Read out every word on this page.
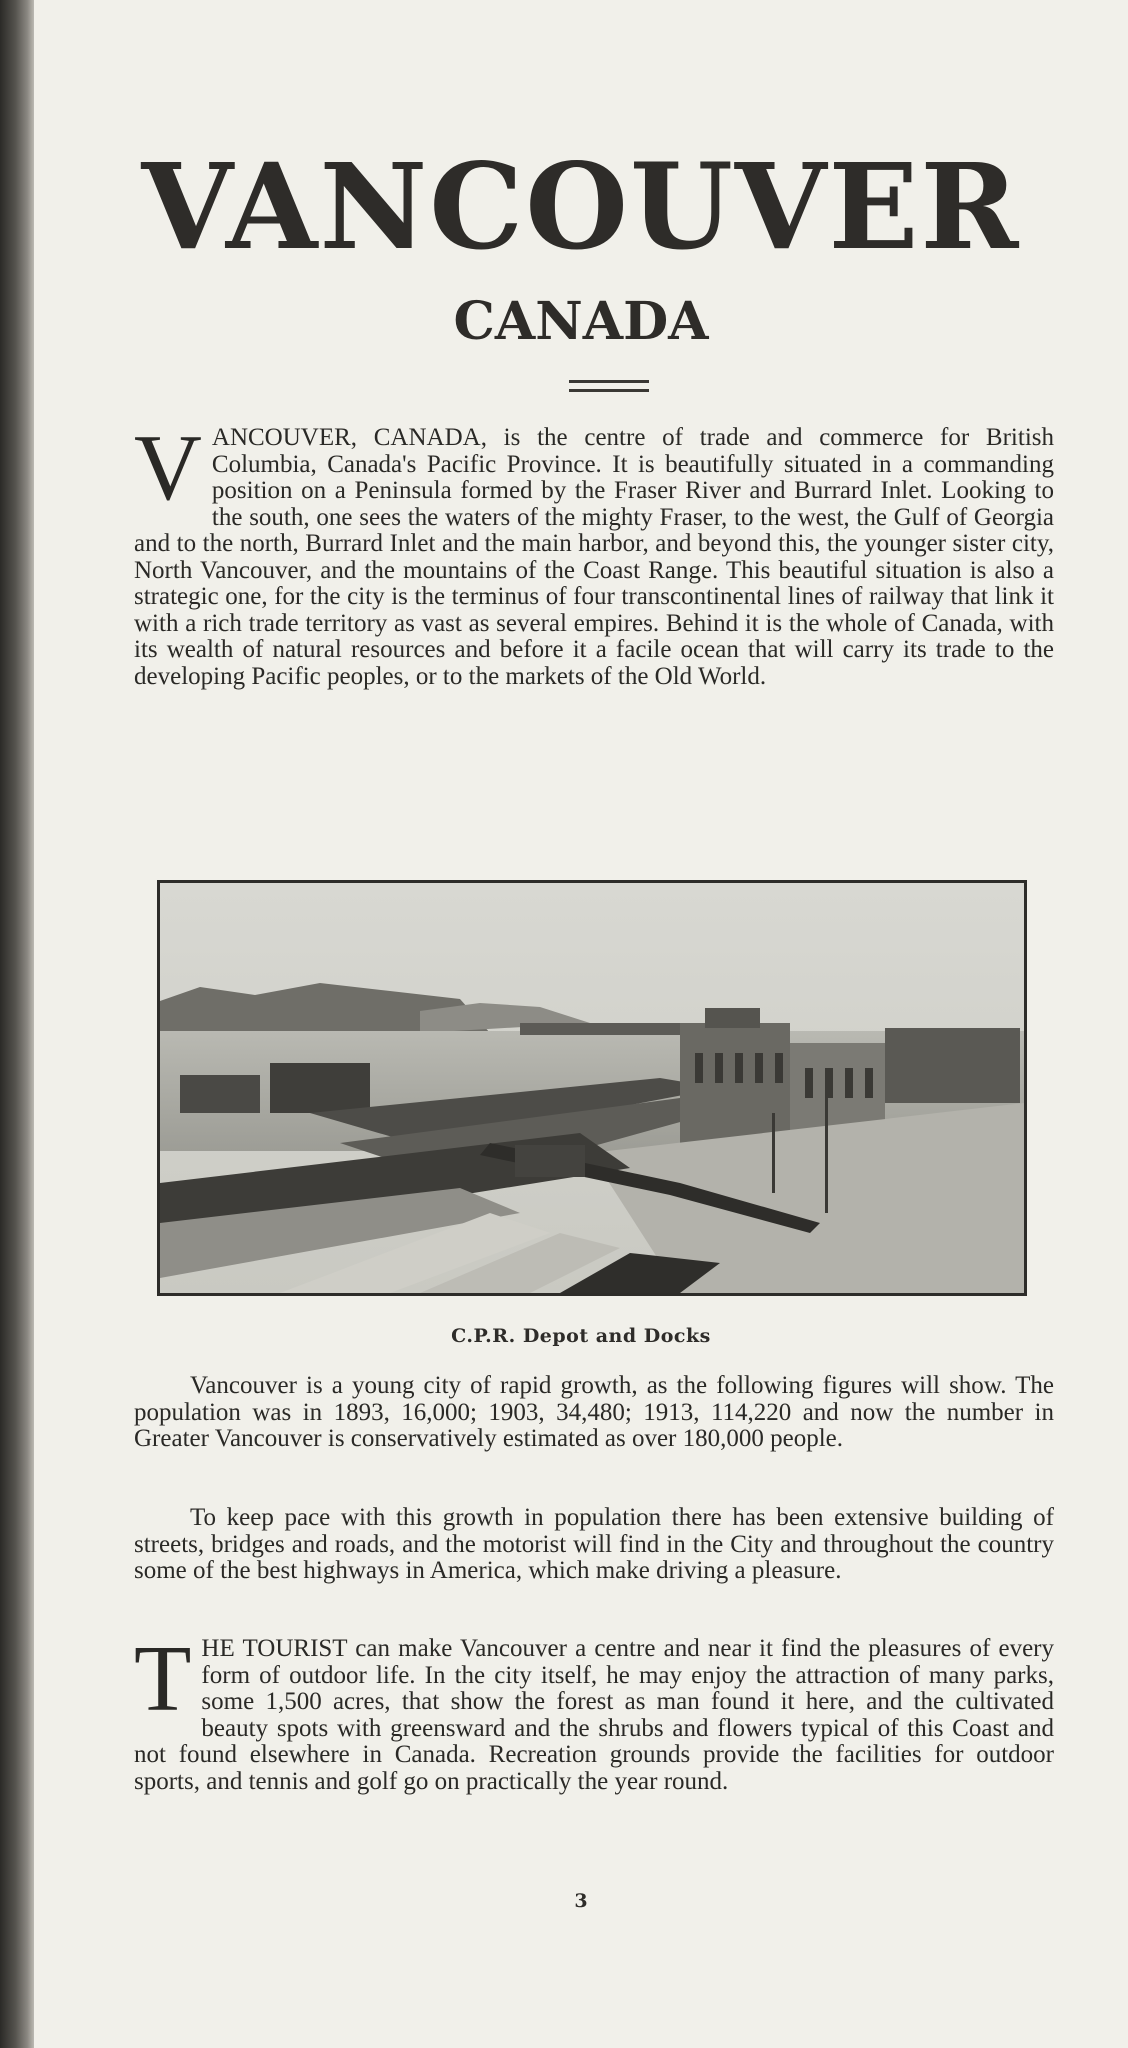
VANCOUVER
CANADA

VANCOUVER, CANADA, is the centre of trade and commerce for British Columbia, Canada's Pacific Province. It is beautifully situated in a commanding position on a Peninsula formed by the Fraser River and Burrard Inlet. Looking to the south, one sees the waters of the mighty Fraser, to the west, the Gulf of Georgia and to the north, Burrard Inlet and the main harbor, and beyond this, the younger sister city, North Vancouver, and the mountains of the Coast Range. This beautiful situation is also a strategic one, for the city is the terminus of four transcontinental lines of railway that link it with a rich trade territory as vast as several empires. Behind it is the whole of Canada, with its wealth of natural resources and before it a facile ocean that will carry its trade to the developing Pacific peoples, or to the markets of the Old World.

C.P.R. Depot and Docks

Vancouver is a young city of rapid growth, as the following figures will show. The population was in 1893, 16,000; 1903, 34,480; 1913, 114,220 and now the number in Greater Vancouver is conservatively estimated as over 180,000 people.

To keep pace with this growth in population there has been extensive building of streets, bridges and roads, and the motorist will find in the City and throughout the country some of the best highways in America, which make driving a pleasure.

THE TOURIST can make Vancouver a centre and near it find the pleasures of every form of outdoor life. In the city itself, he may enjoy the attraction of many parks, some 1,500 acres, that show the forest as man found it here, and the cultivated beauty spots with greensward and the shrubs and flowers typical of this Coast and not found elsewhere in Canada. Recreation grounds provide the facilities for outdoor sports, and tennis and golf go on practically the year round.

3
